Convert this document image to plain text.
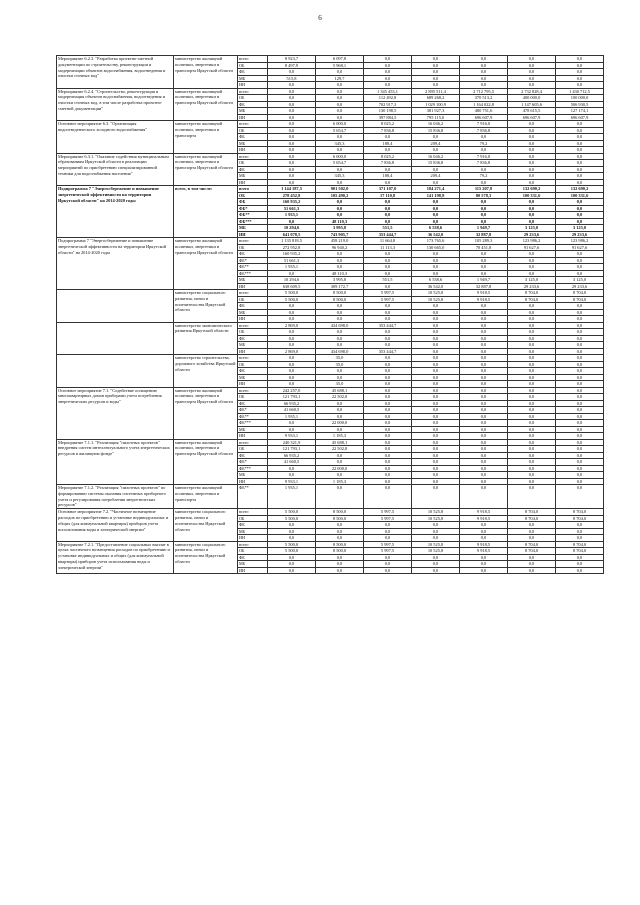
6
Мероприятие 6.2.3. "Разработка проектно-сметной документации по строительству, реконструкции и модернизации объектов водоснабжения, водоотведения и очистки сточных вод"	министерство жилищной политики, энергетики и транспорта Иркутской области	всего	8 923,7	6 097,8	0,0	0,0	0,0	0,0	0,0
		ОБ	8 497,9	5 968,1	0,0	0,0	0,0	0,0	0,0
		ФБ	0,0	0,0	0,0	0,0	0,0	0,0	0,0
		МБ	515,8	129,7	0,0	0,0	0,0	0,0	0,0
		ИИ	0,0	0,0	0,0	0,0	0,0	0,0	0,0
Мероприятие 6.2.4. "Строительство, реконструкция и модернизация объектов водоснабжения, водоотведения и очистки сточных вод, в том числе разработка проектно-сметной документации"	министерство жилищной политики, энергетики и транспорта Иркутской области	всего	0,0	0,0	1 345 453,1	2 895 511,4	2 712 795,5	2 732 828,4	1 430 712,5
		ОБ	0,0	0,0	112 492,8	689 268,2	370 513,2	400 000,0	100 000,0
		ФБ	0,0	0,0	702 917,3	1 029 100,9	1 164 022,8	1 147 605,6	506 930,5
		МБ	0,0	0,0	130 198,5	381 927,3	480 751,6	478 615,5	127 174,1
		ИИ	0,0	0,0	397 884,5	795 115,0	696 607,9	696 607,9	696 607,9
Основное мероприятие 6.3. "Организация водоотведенческого холодного водоснабжения"	министерство жилищной политики, энергетики и транспорта	всего	0,0	6 000,0	8 025,2	16 046,2	7 916,0	0,0	0,0
		ОБ	0,0	5 654,7	7 836,8	15 836,8	7 836,8	0,0	0,0
		ФБ	0,0	0,0	0,0	0,0	0,0	0,0	0,0
		МБ	0,0	345,3	188,4	209,4	79,2	0,0	0,0
		ИИ	0,0	0,0	0,0	0,0	0,0	0,0	0,0
Мероприятие 6.3.1. "Оказание содействия муниципальным образованиям Иркутской области в реализации мероприятий по приобретению специализированной техники для водоснабжения населения"	министерство жилищной политики, энергетики и транспорта Иркутской области	всего	0,0	6 000,0	8 025,2	16 046,2	7 916,0	0,0	0,0
		ОБ	0,0	5 654,7	7 836,8	15 836,8	7 836,8	0,0	0,0
		ФБ	0,0	0,0	0,0	0,0	0,0	0,0	0,0
		МБ	0,0	345,3	188,4	209,4	79,2	0,0	0,0
		ИИ	0,0	0,0	0,0	0,0	0,0	0,0	0,0
Подпрограмма 7 "Энергосбережение и повышение энергетической эффективности на территории Иркутской области" на 2014-2020 годы	всего, в том числе:	всего	1 144 187,5	901 502,0	371 107,0	184 271,4	115 207,8	132 690,2	132 690,2
		ОБ	278 452,8	105 490,2	17 110,8	141 198,8	80 578,3	100 331,6	100 331,6
		ФБ	160 935,2	0,0	0,0	0,0	0,0	0,0	0,0
		ФБ*	51 661,3	0,0	0,0	0,0	0,0	0,0	0,0
		ФБ**	1 935,1	0,0	0,0	0,0	0,0	0,0	0,0
		ФБ***	0,0	48 110,3	0,0	0,0	0,0	0,0	0,0
		МБ	10 294,6	3 995,8	551,5	6 538,6	1 949,7	3 125,0	3 125,0
		ИИ	641 078,5	743 905,7	353 444,7	36 542,0	32 887,8	29 233,6	29 233,6
Подпрограмма 7 "Энергосбережение и повышение энергетической эффективности на территории Иркутской области" на 2014-2020 годы	министерство жилищной политики, энергетики и транспорта Иркутской области	всего	1 135 818,5	458 219,0	11 664,8	173 765,6	105 289,3	123 986,2	123 986,2
		ОБ	272 952,8	96 940,2	11 113,3	130 665,0	70 451,8	91 627,6	91 627,6
		ФБ	160 935,2	0,0	0,0	0,0	0,0	0,0	0,0
		ФБ*	51 661,3	0,0	0,0	0,0	0,0	0,0	0,0
		ФБ**	1 935,1	0,0	0,0	0,0	0,0	0,0	0,0
		ФБ***	0,0	48 110,3	0,0	0,0	0,0	0,0	0,0
		МБ	10 294,6	3 995,8	551,5	6 538,6	1 949,7	3 125,0	3 125,0
		ИИ	638 609,5	309 172,7	0,0	36 542,0	32 887,8	29 233,6	29 233,6
	министерство социального развития, опеки и попечительства Иркутской области	всего	5 500,0	8 500,0	5 997,5	10 525,8	9 918,5	8 704,0	8 704,0
		ОБ	5 500,0	8 500,0	5 997,5	10 525,8	9 918,5	8 704,0	8 704,0
		ФБ	0,0	0,0	0,0	0,0	0,0	0,0	0,0
		МБ	0,0	0,0	0,0	0,0	0,0	0,0	0,0
		ИИ	0,0	0,0	0,0	0,0	0,0	0,0	0,0
	министерство экономического развития Иркутской области	всего	2 869,0	434 698,0	353 444,7	0,0	0,0	0,0	0,0
		ОБ	0,0	0,0	0,0	0,0	0,0	0,0	0,0
		ФБ	0,0	0,0	0,0	0,0	0,0	0,0	0,0
		МБ	0,0	0,0	0,0	0,0	0,0	0,0	0,0
		ИИ	2 869,0	434 698,0	353 444,7	0,0	0,0	0,0	0,0
	министерство строительства, дорожного хозяйства Иркутской области	всего	0,0	35,0	0,0	0,0	0,0	0,0	0,0
		ОБ	0,0	35,0	0,0	0,0	0,0	0,0	0,0
		ФБ	0,0	0,0	0,0	0,0	0,0	0,0	0,0
		МБ	0,0	0,0	0,0	0,0	0,0	0,0	0,0
		ИИ	0,0	35,0	0,0	0,0	0,0	0,0	0,0
Основное мероприятие 7.1. "Содействие оснащению многоквартирных домов приборами учета потребления энергетических ресурсов и воды"	министерство жилищной политики, энергетики и транспорта Иркутской области	всего	242 257,0	45 688,1	0,0	0,0	0,0	0,0	0,0
		ОБ	121 793,1	22 502,8	0,0	0,0	0,0	0,0	0,0
		ФБ	66 935,2	0,0	0,0	0,0	0,0	0,0	0,0
		ФБ*	41 660,5	0,0	0,0	0,0	0,0	0,0	0,0
		ФБ**	1 935,1	0,0	0,0	0,0	0,0	0,0	0,0
		ФБ***	0,0	22 000,0	0,0	0,0	0,0	0,0	0,0
		МБ	0,0	0,0	0,0	0,0	0,0	0,0	0,0
		ИИ	9 933,1	1 185,3	0,0	0,0	0,0	0,0	0,0
Мероприятие 7.1.1. "Реализация "пилотных проектов" внедрения систем интеллектуального учета энергетических ресурсов в жилищном фонде"	министерство жилищной политики, энергетики и транспорта Иркутской области	всего	240 321,9	45 688,1	0,0	0,0	0,0	0,0	0,0
		ОБ	121 793,1	22 502,8	0,0	0,0	0,0	0,0	0,0
		ФБ	66 935,2	0,0	0,0	0,0	0,0	0,0	0,0
		ФБ*	41 660,5	0,0	0,0	0,0	0,0	0,0	0,0
		ФБ***	0,0	22 000,0	0,0	0,0	0,0	0,0	0,0
		МБ	0,0	0,0	0,0	0,0	0,0	0,0	0,0
		ИИ	9 933,1	1 185,3	0,0	0,0	0,0	0,0	0,0
Мероприятие 7.1.2. "Реализация "пилотных проектов" по формированию системы оказания системных приборного учета и регулирования потребления энергетических ресурсов"	министерство жилищной политики, энергетики и транспорта	ФБ**	1 935,1	0,0	0,0	0,0	0,0	0,0	0,0
Основное мероприятие 7.2. "Частичное возмещение расходов по приобретению и установке индивидуальных и общих (для коммунальной квартиры) приборов учета использования воды и электрической энергии"	министерство социального развития, опеки и попечительства Иркутской области	всего	5 500,0	8 500,0	5 997,5	10 525,8	9 918,5	8 704,0	8 704,0
		ОБ	5 500,0	8 500,0	5 997,5	10 525,8	9 918,5	8 704,0	8 704,0
		ФБ	0,0	0,0	0,0	0,0	0,0	0,0	0,0
		МБ	0,0	0,0	0,0	0,0	0,0	0,0	0,0
		ИИ	0,0	0,0	0,0	0,0	0,0	0,0	0,0
Мероприятие 7.2.1. "Предоставление социальных выплат в целях частичного возмещения расходов по приобретению и установке индивидуальных и общих (для коммунальной квартиры) приборов учета использования воды и электрической энергии"	министерство социального развития, опеки и попечительства Иркутской области	всего	5 500,0	8 500,0	5 997,5	10 525,8	9 918,5	8 704,0	8 704,0
		ОБ	5 500,0	8 500,0	5 997,5	10 525,8	9 918,5	8 704,0	8 704,0
		ФБ	0,0	0,0	0,0	0,0	0,0	0,0	0,0
		МБ	0,0	0,0	0,0	0,0	0,0	0,0	0,0
		ИИ	0,0	0,0	0,0	0,0	0,0	0,0	0,0
